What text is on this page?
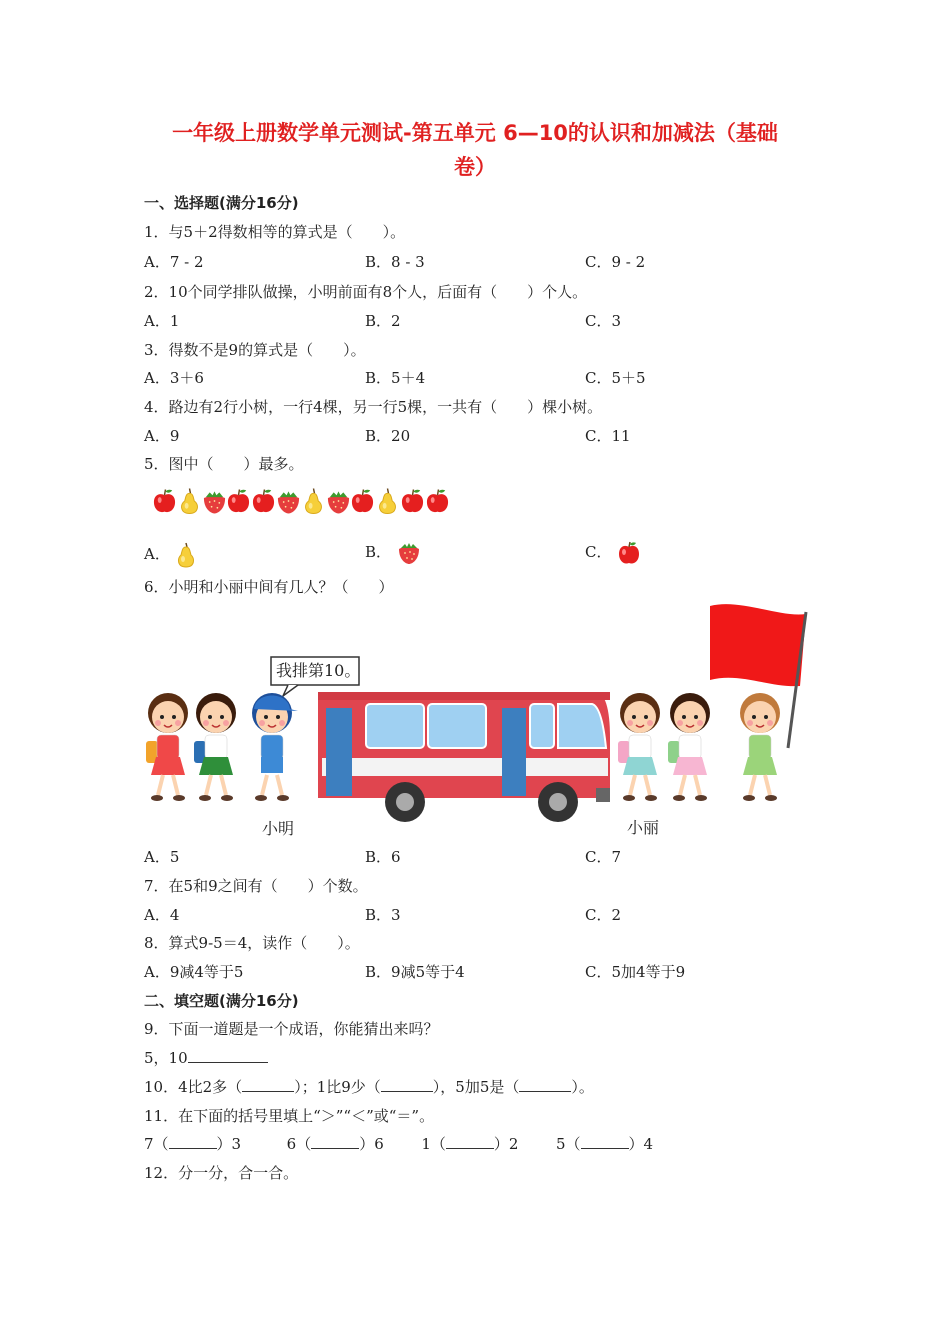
一年级上册数学单元测试-第五单元 6—10的认识和加减法（基础
卷）
一、选择题(满分16分)
1．与5＋2得数相等的算式是（　　）。
A．7 - 2	B．8 - 3	C．9 - 2
2．10个同学排队做操，小明前面有8个人，后面有（　　）个人。
A．1	B．2	C．3
3．得数不是9的算式是（　　）。
A．3＋6	B．5＋4	C．5＋5
4．路边有2行小树，一行4棵，另一行5棵，一共有（　　）棵小树。
A．9	B．20	C．11
5．图中（　　）最多。
A．	B．	C．
6．小明和小丽中间有几人？（　　）
小明	小丽
我排第10。
A．5	B．6	C．7
7．在5和9之间有（　　）个数。
A．4	B．3	C．2
8．算式9-5＝4，读作（　　）。
A．9减4等于5	B．9减5等于4	C．5加4等于9
二、填空题(满分16分)
9．下面一道题是一个成语，你能猜出来吗？
5，10
10．4比2多（	）；1比9少（	），5加5是（	）。
11．在下面的括号里填上“＞”“＜”或“＝”。
7（	）3	6（	）6	1（	）2	5（	）4
12．分一分，合一合。
